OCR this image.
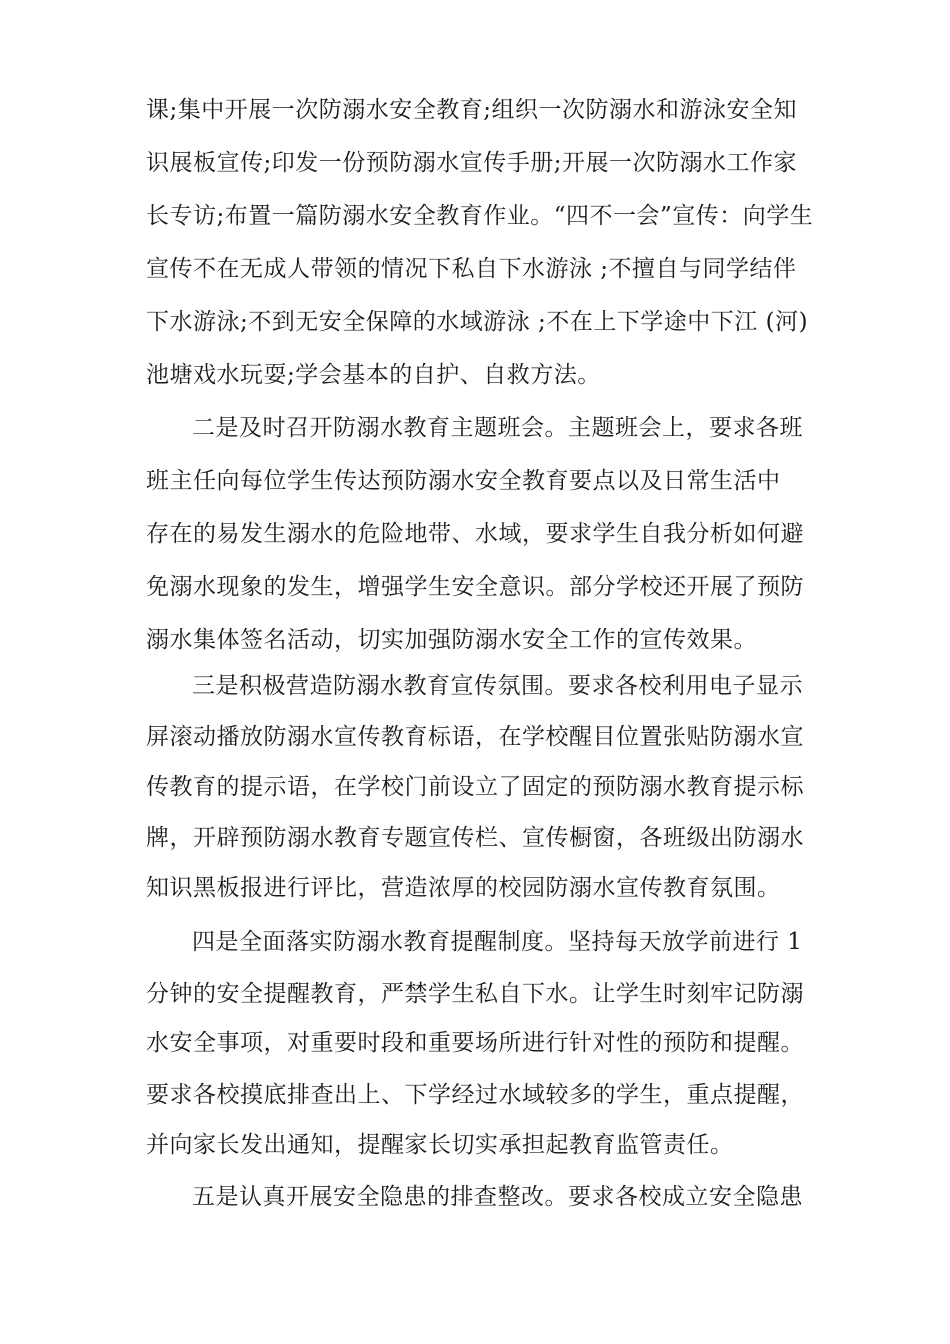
课;集中开展一次防溺水安全教育;组织一次防溺水和游泳安全知
识展板宣传;印发一份预防溺水宣传手册;开展一次防溺水工作家
长专访;布置一篇防溺水安全教育作业。“四不一会”宣传：向学生
宣传不在无成人带领的情况下私自下水游泳 ;不擅自与同学结伴
下水游泳;不到无安全保障的水域游泳 ;不在上下学途中下江 (河)
池塘戏水玩耍;学会基本的自护、自救方法。
二是及时召开防溺水教育主题班会。主题班会上，要求各班
班主任向每位学生传达预防溺水安全教育要点以及日常生活中
存在的易发生溺水的危险地带、水域，要求学生自我分析如何避
免溺水现象的发生，增强学生安全意识。部分学校还开展了预防
溺水集体签名活动，切实加强防溺水安全工作的宣传效果。
三是积极营造防溺水教育宣传氛围。要求各校利用电子显示
屏滚动播放防溺水宣传教育标语，在学校醒目位置张贴防溺水宣
传教育的提示语，在学校门前设立了固定的预防溺水教育提示标
牌，开辟预防溺水教育专题宣传栏、宣传橱窗，各班级出防溺水
知识黑板报进行评比，营造浓厚的校园防溺水宣传教育氛围。
四是全面落实防溺水教育提醒制度。坚持每天放学前进行 1
分钟的安全提醒教育，严禁学生私自下水。让学生时刻牢记防溺
水安全事项，对重要时段和重要场所进行针对性的预防和提醒。
要求各校摸底排查出上、下学经过水域较多的学生，重点提醒，
并向家长发出通知，提醒家长切实承担起教育监管责任。
五是认真开展安全隐患的排查整改。要求各校成立安全隐患
